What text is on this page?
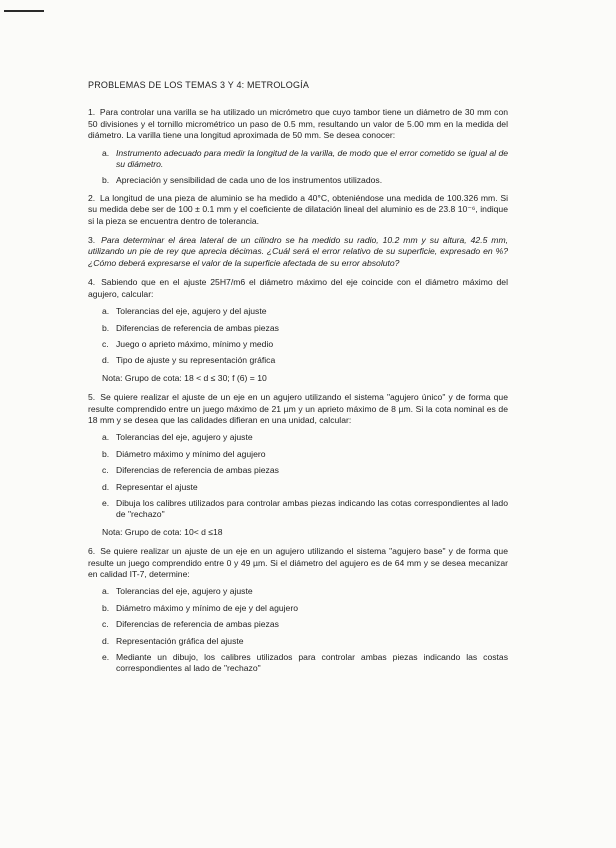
PROBLEMAS DE LOS TEMAS 3 Y 4: METROLOGÍA

1. Para controlar una varilla se ha utilizado un micrómetro que cuyo tambor tiene un diámetro de 30 mm con 50 divisiones y el tornillo micrométrico un paso de 0.5 mm, resultando un valor de 5.00 mm en la medida del diámetro. La varilla tiene una longitud aproximada de 50 mm. Se desea conocer:

a. Instrumento adecuado para medir la longitud de la varilla, de modo que el error cometido se igual al de su diámetro.
b. Apreciación y sensibilidad de cada uno de los instrumentos utilizados.

2. La longitud de una pieza de aluminio se ha medido a 40°C, obteniéndose una medida de 100.326 mm. Si su medida debe ser de 100 ± 0.1 mm y el coeficiente de dilatación lineal del aluminio es de 23.8 10⁻⁶, indique si la pieza se encuentra dentro de tolerancia.

3. Para determinar el área lateral de un cilindro se ha medido su radio, 10.2 mm y su altura, 42.5 mm, utilizando un pie de rey que aprecia décimas. ¿Cuál será el error relativo de su superficie, expresado en %? ¿Cómo deberá expresarse el valor de la superficie afectada de su error absoluto?

4. Sabiendo que en el ajuste 25H7/m6 el diámetro máximo del eje coincide con el diámetro máximo del agujero, calcular:

a. Tolerancias del eje, agujero y del ajuste
b. Diferencias de referencia de ambas piezas
c. Juego o aprieto máximo, mínimo y medio
d. Tipo de ajuste y su representación gráfica

Nota: Grupo de cota: 18 < d ≤ 30; f (6) = 10

5. Se quiere realizar el ajuste de un eje en un agujero utilizando el sistema "agujero único" y de forma que resulte comprendido entre un juego máximo de 21 µm y un aprieto máximo de 8 µm. Si la cota nominal es de 18 mm y se desea que las calidades difieran en una unidad, calcular:

a. Tolerancias del eje, agujero y ajuste
b. Diámetro máximo y mínimo del agujero
c. Diferencias de referencia de ambas piezas
d. Representar el ajuste
e. Dibuja los calibres utilizados para controlar ambas piezas indicando las cotas correspondientes al lado de "rechazo"

Nota: Grupo de cota: 10< d ≤18

6. Se quiere realizar un ajuste de un eje en un agujero utilizando el sistema "agujero base" y de forma que resulte un juego comprendido entre 0 y 49 µm. Si el diámetro del agujero es de 64 mm y se desea mecanizar en calidad IT-7, determine:

a. Tolerancias del eje, agujero y ajuste
b. Diámetro máximo y mínimo de eje y del agujero
c. Diferencias de referencia de ambas piezas
d. Representación gráfica del ajuste
e. Mediante un dibujo, los calibres utilizados para controlar ambas piezas indicando las costas correspondientes al lado de "rechazo"
